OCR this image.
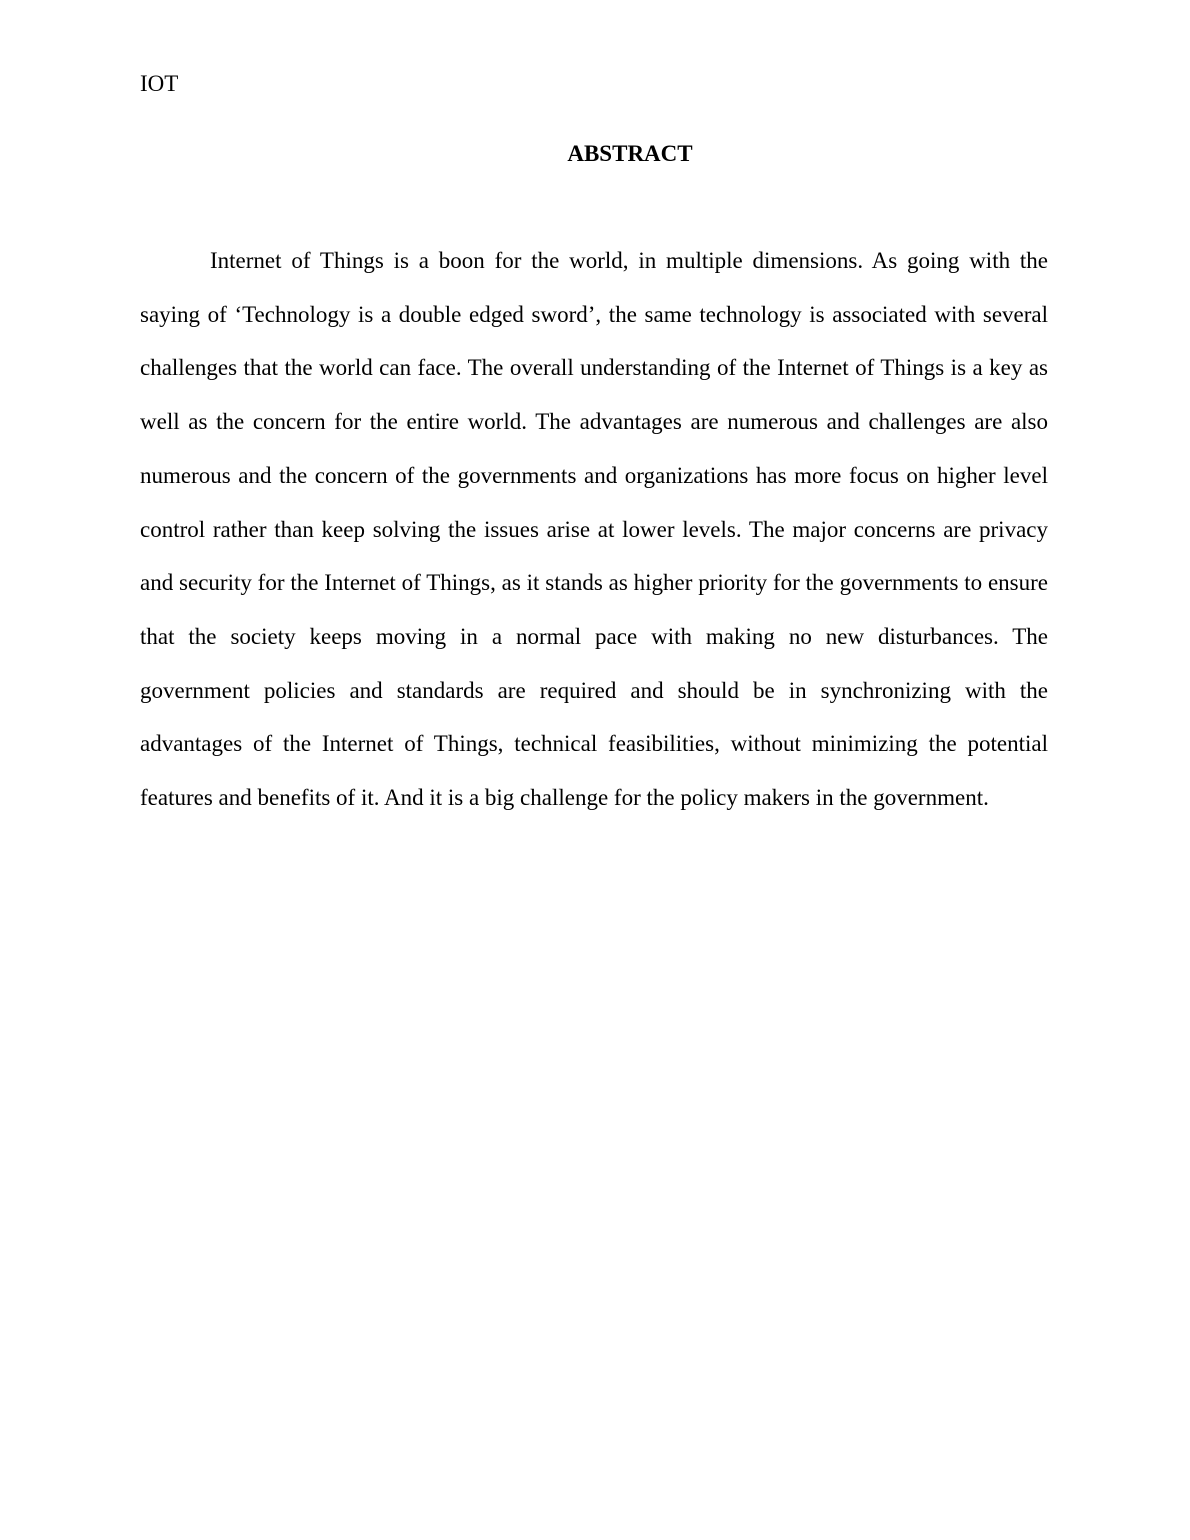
IOT

ABSTRACT

Internet of Things is a boon for the world, in multiple dimensions. As going with the saying of ‘Technology is a double edged sword’, the same technology is associated with several challenges that the world can face. The overall understanding of the Internet of Things is a key as well as the concern for the entire world. The advantages are numerous and challenges are also numerous and the concern of the governments and organizations has more focus on higher level control rather than keep solving the issues arise at lower levels. The major concerns are privacy and security for the Internet of Things, as it stands as higher priority for the governments to ensure that the society keeps moving in a normal pace with making no new disturbances. The government policies and standards are required and should be in synchronizing with the advantages of the Internet of Things, technical feasibilities, without minimizing the potential features and benefits of it. And it is a big challenge for the policy makers in the government.
